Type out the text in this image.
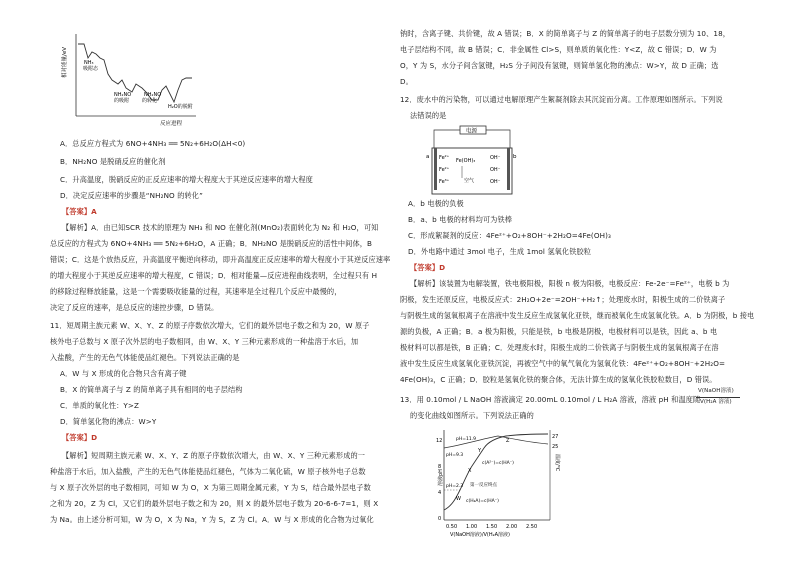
相对能量/eV	NH₃
吸附态
NH₂NO
的吸附
NH₂NO
的转化
H₂O的脱附
反应进程
A．总反应方程式为 6NO+4NH₃ ══ 5N₂+6H₂O(ΔH<0)
B．NH₂NO 是脱硝反应的催化剂
C．升高温度，脱硝反应的正反应速率的增大程度大于其逆反应速率的增大程度
D．决定反应速率的步骤是“NH₂NO 的转化”
【答案】A
【解析】A．由已知SCR 技术的原理为 NH₃ 和 NO 在催化剂(MnO₂)表面转化为 N₂ 和 H₂O，可知
总反应的方程式为 6NO+4NH₃ ══ 5N₂+6H₂O，A 正确；B．NH₂NO 是脱硝反应的活性中间体，B
错误；C．这是个放热反应，升高温度平衡逆向移动，即升高温度正反应速率的增大程度小于其逆反应速率
的增大程度小于其逆反应速率的增大程度，C 错误；D．相对能量—反应进程曲线表明，全过程只有 H
的移除过程释放能量，这是一个需要吸收能量的过程，其速率是全过程几个反应中最慢的，
决定了反应的速率，是总反应的速控步骤，D 错误。
11．短周期主族元素 W、X、Y、Z 的原子序数依次增大，它们的最外层电子数之和为 20，W 原子
核外电子总数与 X 原子次外层的电子数相同，由 W、X、Y 三种元素形成的一种盐溶于水后，加
入盐酸，产生的无色气体能使品红褪色。下列说法正确的是
A．W 与 X 形成的化合物只含有离子键
B．X 的简单离子与 Z 的简单离子具有相同的电子层结构
C．单质的氧化性：Y>Z
D．简单氢化物的沸点：W>Y
【答案】D
【解析】短周期主族元素 W、X、Y、Z 的原子序数依次增大，由 W、X、Y 三种元素形成的一
种盐溶于水后，加入盐酸，产生的无色气体能使品红褪色，气体为二氧化硫，W 原子核外电子总数
与 X 原子次外层的电子数相同，可知 W 为 O，X 为第三周期金属元素，Y 为 S，结合最外层电子数
之和为 20，Z 为 Cl，又它们的最外层电子数之和为 20，则 X 的最外层电子数为 20-6-6-7=1，则 X
为 Na。由上述分析可知，W 为 O，X 为 Na，Y 为 S，Z 为 Cl。A．W 与 X 形成的化合物为过氧化
钠时，含离子键、共价键，故 A 错误；B．X 的简单离子与 Z 的简单离子的电子层数分别为 10、18，
电子层结构不同，故 B 错误；C．非金属性 Cl>S，则单质的氧化性：Y<Z，故 C 错误；D．W 为
O，Y 为 S，水分子间含氢键，H₂S 分子间没有氢键，则简单氢化物的沸点：W>Y，故 D 正确；选
D。
12．废水中的污染物，可以通过电解原理产生絮凝剂除去其沉淀而分离。工作原理如图所示。下列说
法错误的是
电源
a	b
Fe²⁺
Fe²⁺
Fe³⁺
Fe(OH)₃
空气
OH⁻
OH⁻
OH⁻
A．b 电极的负极
B．a、b 电极的材料均可为铁棒
C．形成絮凝剂的反应：4Fe²⁺+O₂+8OH⁻+2H₂O=4Fe(OH)₃
D．外电路中通过 3mol 电子，生成 1mol 氢氧化铁胶粒
【答案】D
【解析】该装置为电解装置，铁电极阳极，阳极 n 极为阳极，电极反应：Fe-2e⁻=Fe²⁺，电极 b 为
阴极，发生还原反应，电极反应式：2H₂O+2e⁻=2OH⁻+H₂↑；处理废水时，阳极生成的二价铁离子
与阴极生成的氢氧根离子在溶液中发生反应生成氢氧化亚铁，继而被氧化生成氢氧化铁。A．b 为阴极，b 接电
源的负极，A 正确；B．a 极为阳极，只能是铁，b 电极是阴极，电极材料可以是铁，因此 a、b 电
极材料可以都是铁，B 正确；C．处理废水时，阳极生成的二价铁离子与阴极生成的氢氧根离子在溶
液中发生反应生成氢氧化亚铁沉淀，再被空气中的氧气氧化为氢氧化铁：4Fe²⁺+O₂+8OH⁻+2H₂O=
4Fe(OH)₃，C 正确；D．胶粒是氢氧化铁的聚合体，无法计算生成的氢氧化铁胶粒数目，D 错误。
13．用 0.10mol / L NaOH 溶液滴定 20.00mL 0.10mol / L H₂A 溶液，溶液 pH 和温度随
V(NaOH溶液)
V(H₂A 溶液)
的变化曲线如图所示。下列说法正确的
溶液pH
温度/℃
12
8
4
0
27
25
0.50 1.00 1.50 2.00 2.50
V(NaOH溶液)/V(H₂A溶液)
pH=2.3
pH=9.3
pH=11.9
X
Y
W
Z
c(A²⁻)=c(HA⁻)
c(H₂A)=c(HA⁻)
第一反应终点
